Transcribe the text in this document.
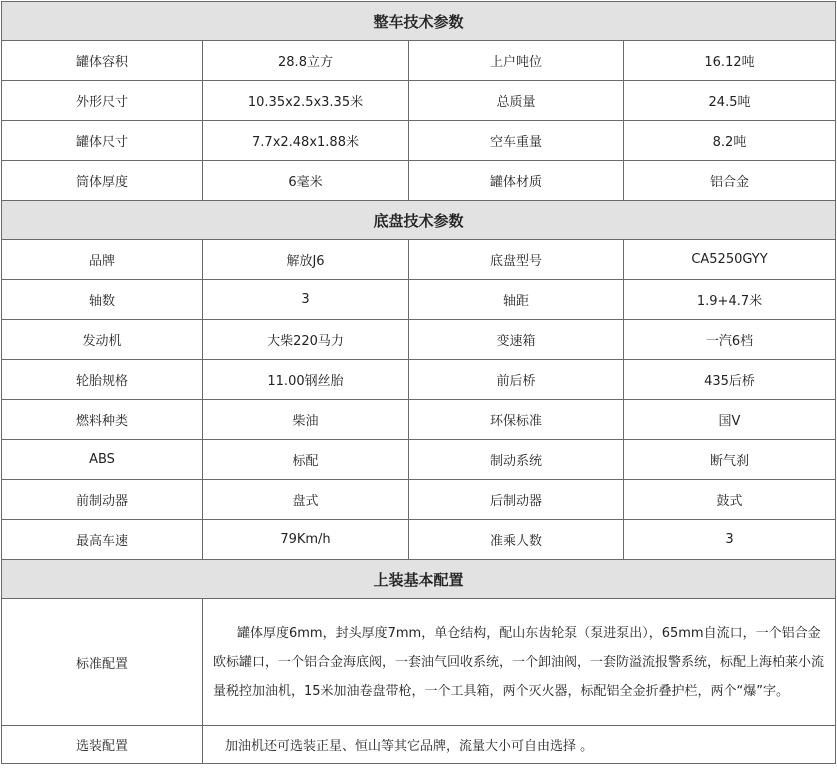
整车技术参数			
罐体容积	28.8立方	上户吨位	16.12吨
外形尺寸	10.35x2.5x3.35米	总质量	24.5吨
罐体尺寸	7.7x2.48x1.88米	空车重量	8.2吨
筒体厚度	6毫米	罐体材质	铝合金
底盘技术参数			
品牌	解放J6	底盘型号	CA5250GYY
轴数	3	轴距	1.9+4.7米
发动机	大柴220马力	变速箱	一汽6档
轮胎规格	11.00钢丝胎	前后桥	435后桥
燃料种类	柴油	环保标准	国V
ABS	标配	制动系统	断气刹
前制动器	盘式	后制动器	鼓式
最高车速	79Km/h	准乘人数	3
上装基本配置			
标准配置	罐体厚度6mm，封头厚度7mm，单仓结构，配山东齿轮泵（泵进泵出），65mm自流口，一个铝合金欧标罐口，一个铝合金海底阀，一套油气回收系统，一个卸油阀，一套防溢流报警系统，标配上海柏莱小流量税控加油机，15米加油卷盘带枪，一个工具箱，两个灭火器，标配铝全金折叠护栏，两个“爆”字。		
选装配置	加油机还可选装正星、恒山等其它品牌，流量大小可自由选择 。		
